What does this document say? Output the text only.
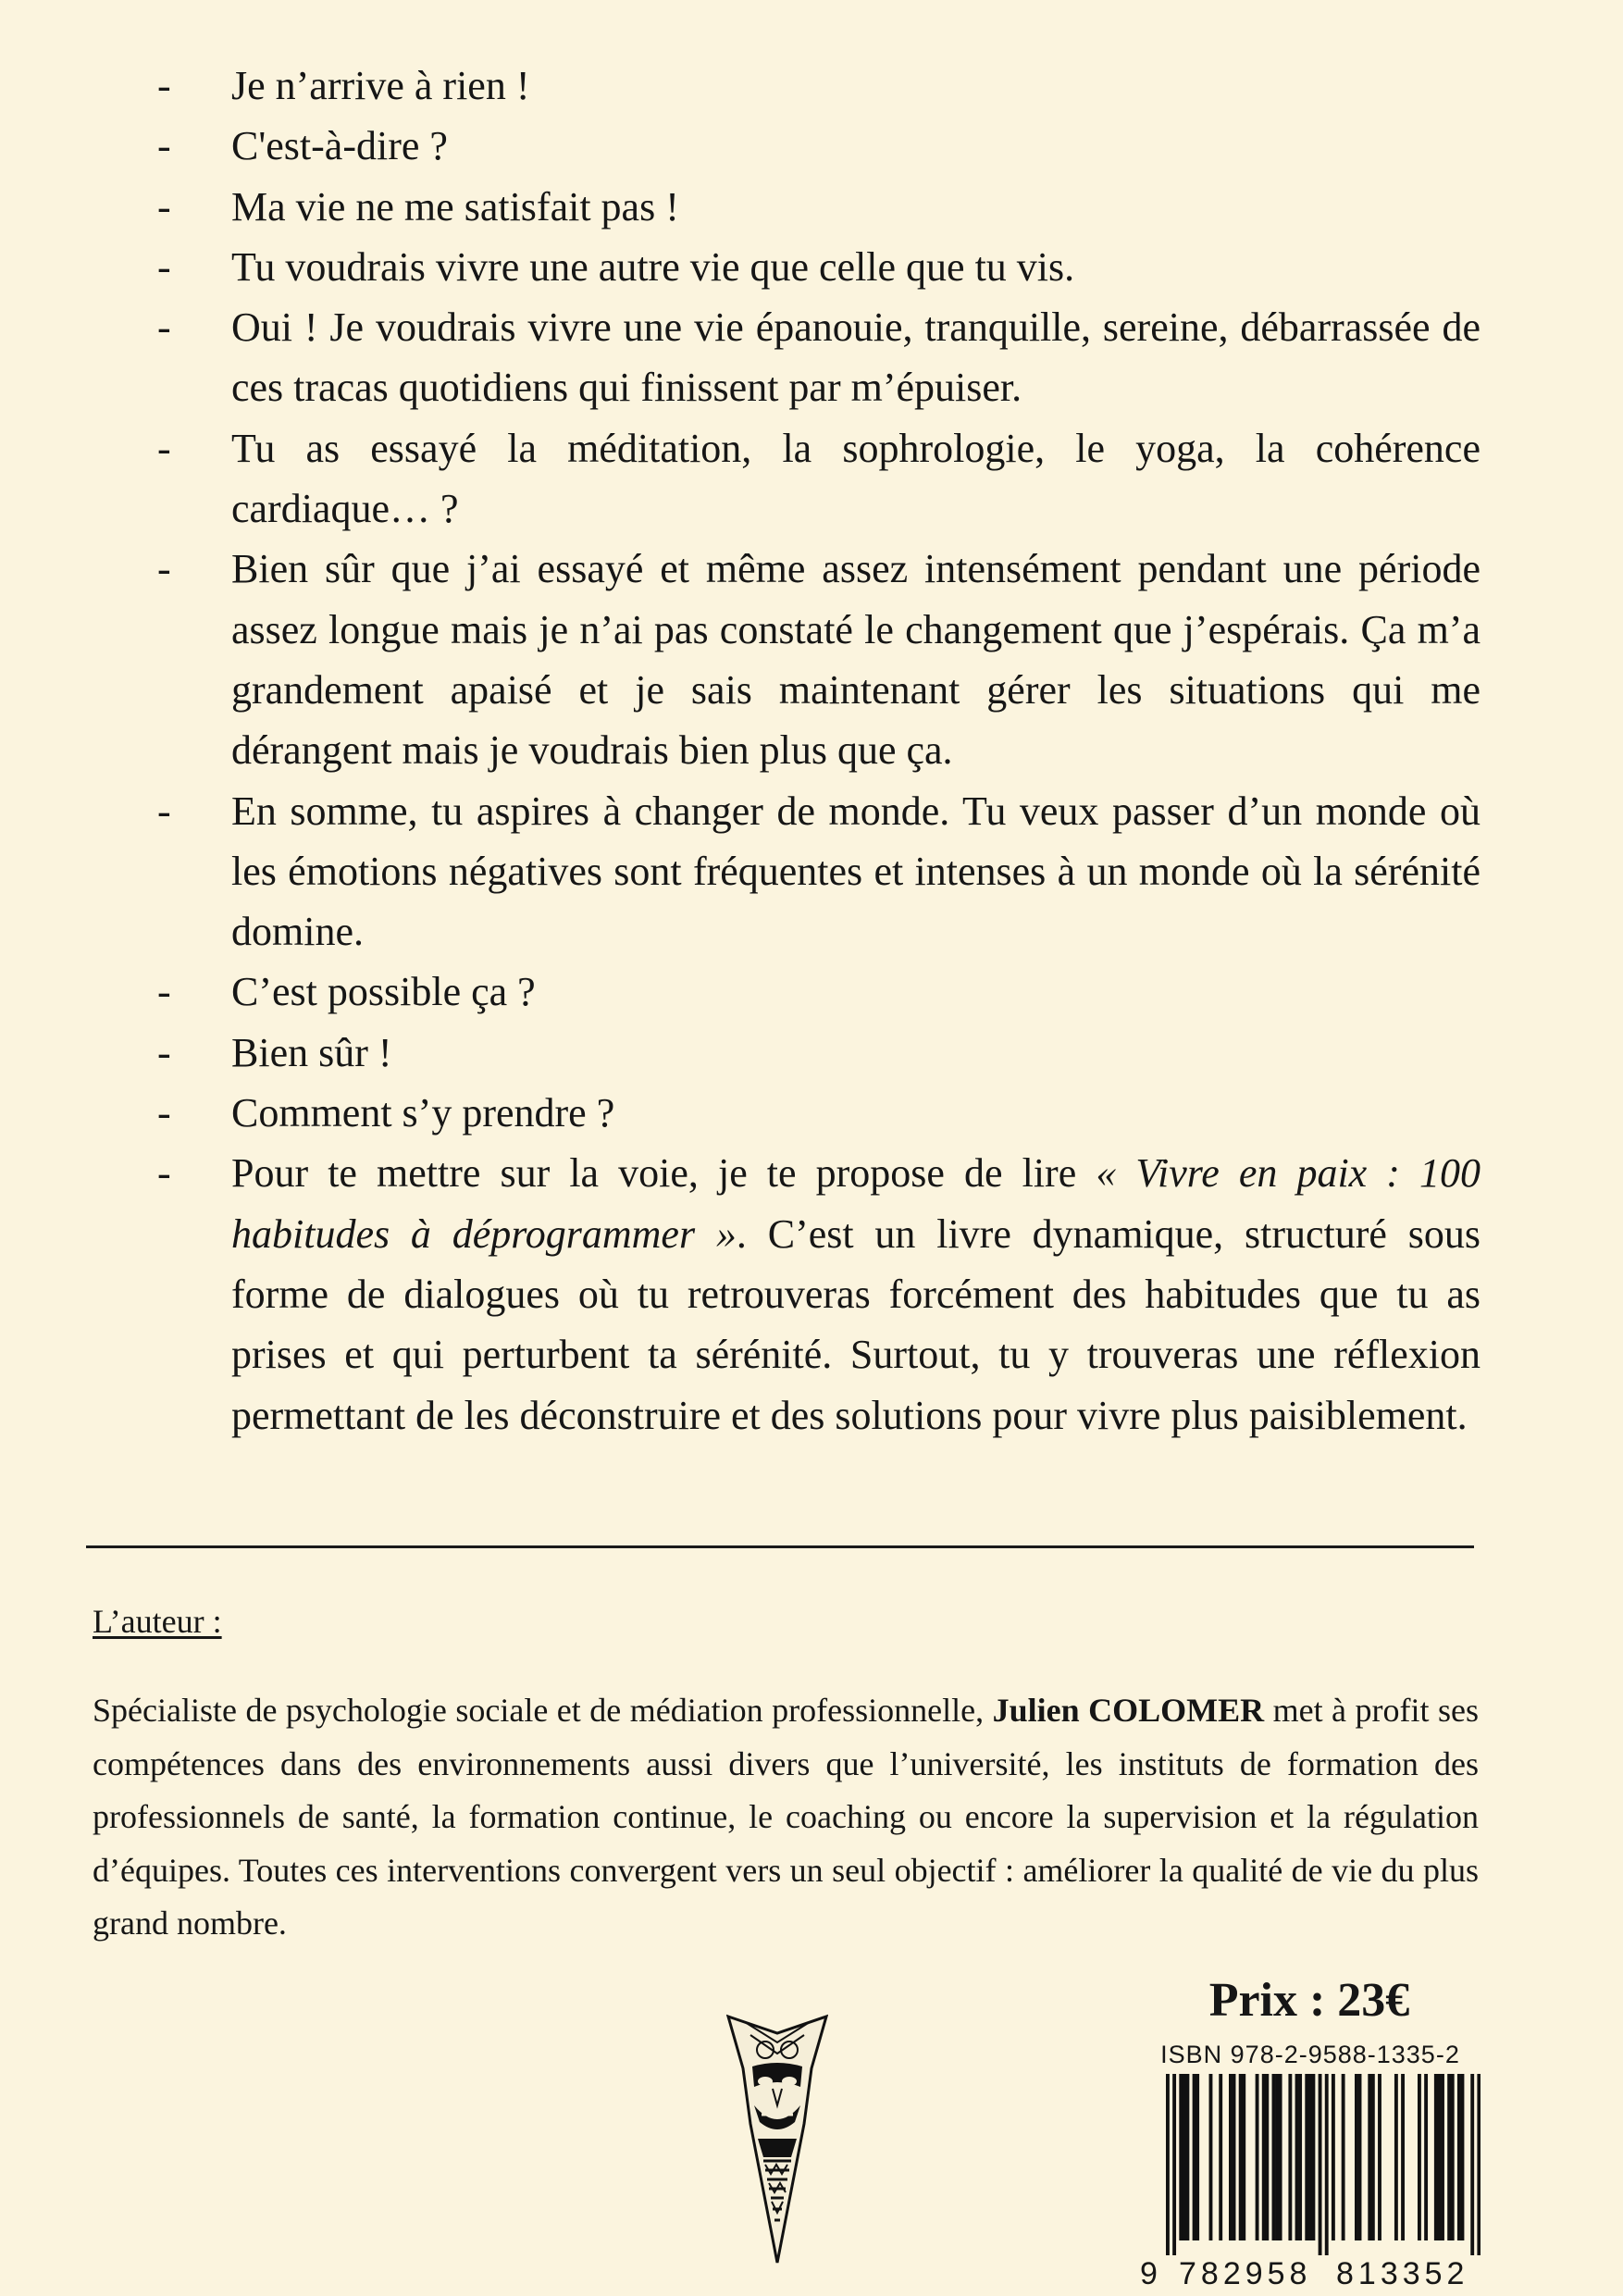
- Je n’arrive à rien !
- C'est-à-dire ?
- Ma vie ne me satisfait pas !
- Tu voudrais vivre une autre vie que celle que tu vis.
- Oui ! Je voudrais vivre une vie épanouie, tranquille, sereine, débarrassée de ces tracas quotidiens qui finissent par m’épuiser.
- Tu as essayé la méditation, la sophrologie, le yoga, la cohérence cardiaque… ?
- Bien sûr que j’ai essayé et même assez intensément pendant une période assez longue mais je n’ai pas constaté le changement que j’espérais. Ça m’a grandement apaisé et je sais maintenant gérer les situations qui me dérangent mais je voudrais bien plus que ça.
- En somme, tu aspires à changer de monde. Tu veux passer d’un monde où les émotions négatives sont fréquentes et intenses à un monde où la sérénité domine.
- C’est possible ça ?
- Bien sûr !
- Comment s’y prendre ?
- Pour te mettre sur la voie, je te propose de lire « Vivre en paix : 100 habitudes à déprogrammer ». C’est un livre dynamique, structuré sous forme de dialogues où tu retrouveras forcément des habitudes que tu as prises et qui perturbent ta sérénité. Surtout, tu y trouveras une réflexion permettant de les déconstruire et des solutions pour vivre plus paisiblement.
L’auteur :

Spécialiste de psychologie sociale et de médiation professionnelle, Julien COLOMER met à profit ses compétences dans des environnements aussi divers que l’université, les instituts de formation des professionnels de santé, la formation continue, le coaching ou encore la supervision et la régulation d’équipes. Toutes ces interventions convergent vers un seul objectif : améliorer la qualité de vie du plus grand nombre.

Prix : 23€
ISBN 978-2-9588-1335-2
9 782958 813352
